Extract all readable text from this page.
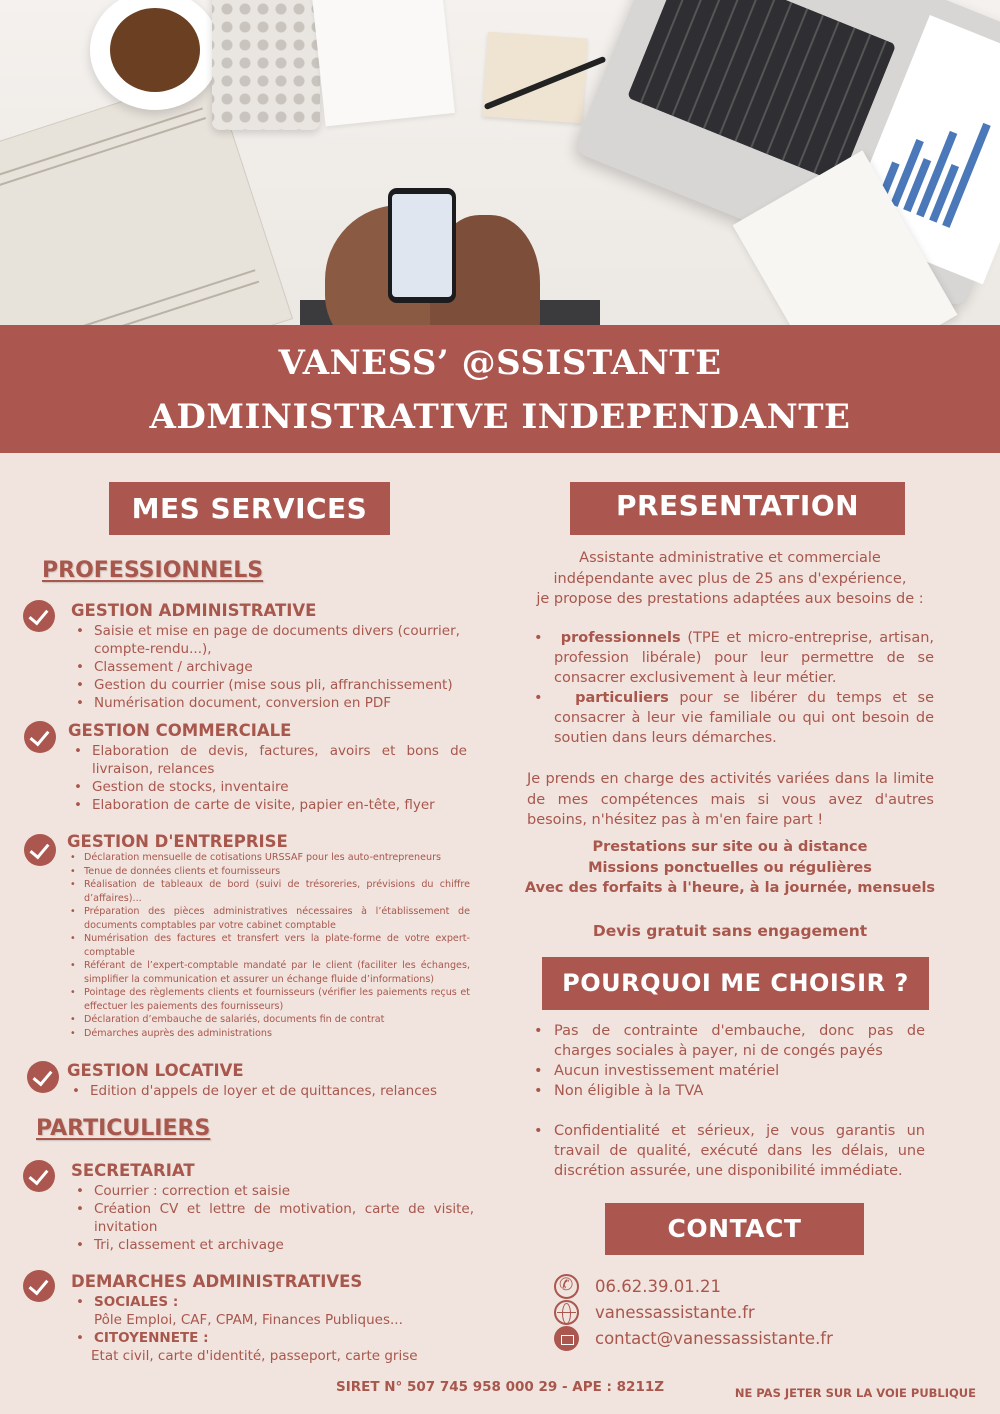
VANESS’ @SSISTANTE
ADMINISTRATIVE INDEPENDANTE
MES SERVICES
PROFESSIONNELS
GESTION ADMINISTRATIVE
• Saisie et mise en page de documents divers (courrier, compte-rendu...),
• Classement / archivage
• Gestion du courrier (mise sous pli, affranchissement)
• Numérisation document, conversion en PDF
GESTION COMMERCIALE
• Elaboration de devis, factures, avoirs et bons de livraison, relances
• Gestion de stocks, inventaire
• Elaboration de carte de visite, papier en-tête, flyer
GESTION D'ENTREPRISE
• Déclaration mensuelle de cotisations URSSAF pour les auto-entrepreneurs
• Tenue de données clients et fournisseurs
• Réalisation de tableaux de bord (suivi de trésoreries, prévisions du chiffre d’affaires)...
• Préparation des pièces administratives nécessaires à l’établissement de documents comptables par votre cabinet comptable
• Numérisation des factures et transfert vers la plate-forme de votre expert-comptable
• Référant de l’expert-comptable mandaté par le client (faciliter les échanges, simplifier la communication et assurer un échange fluide d’informations)
• Pointage des règlements clients et fournisseurs (vérifier les paiements reçus et effectuer les paiements des fournisseurs)
• Déclaration d’embauche de salariés, documents fin de contrat
• Démarches auprès des administrations
GESTION LOCATIVE
• Edition d'appels de loyer et de quittances, relances
PARTICULIERS
SECRETARIAT
• Courrier : correction et saisie
• Création CV et lettre de motivation, carte de visite, invitation
• Tri, classement et archivage
DEMARCHES ADMINISTRATIVES
• SOCIALES :
Pôle Emploi, CAF, CPAM, Finances Publiques...
• CITOYENNETE :
Etat civil, carte d'identité, passeport, carte grise
PRESENTATION
Assistante administrative et commerciale
indépendante avec plus de 25 ans d'expérience,
je propose des prestations adaptées aux besoins de :
• professionnels (TPE et micro-entreprise, artisan, profession libérale) pour leur permettre de se consacrer exclusivement à leur métier.
• particuliers pour se libérer du temps et se consacrer à leur vie familiale ou qui ont besoin de soutien dans leurs démarches.
Je prends en charge des activités variées dans la limite de mes compétences mais si vous avez d'autres besoins, n'hésitez pas à m'en faire part !
Prestations sur site ou à distance
Missions ponctuelles ou régulières
Avec des forfaits à l'heure, à la journée, mensuels
Devis gratuit sans engagement
POURQUOI ME CHOISIR ?
• Pas de contrainte d'embauche, donc pas de charges sociales à payer, ni de congés payés
• Aucun investissement matériel
• Non éligible à la TVA
• Confidentialité et sérieux, je vous garantis un travail de qualité, exécuté dans les délais, une discrétion assurée, une disponibilité immédiate.
CONTACT
✆
06.62.39.01.21
vanessassistante.fr
contact@vanessassistante.fr
SIRET N° 507 745 958 000 29 - APE : 8211Z	NE PAS JETER SUR LA VOIE PUBLIQUE
